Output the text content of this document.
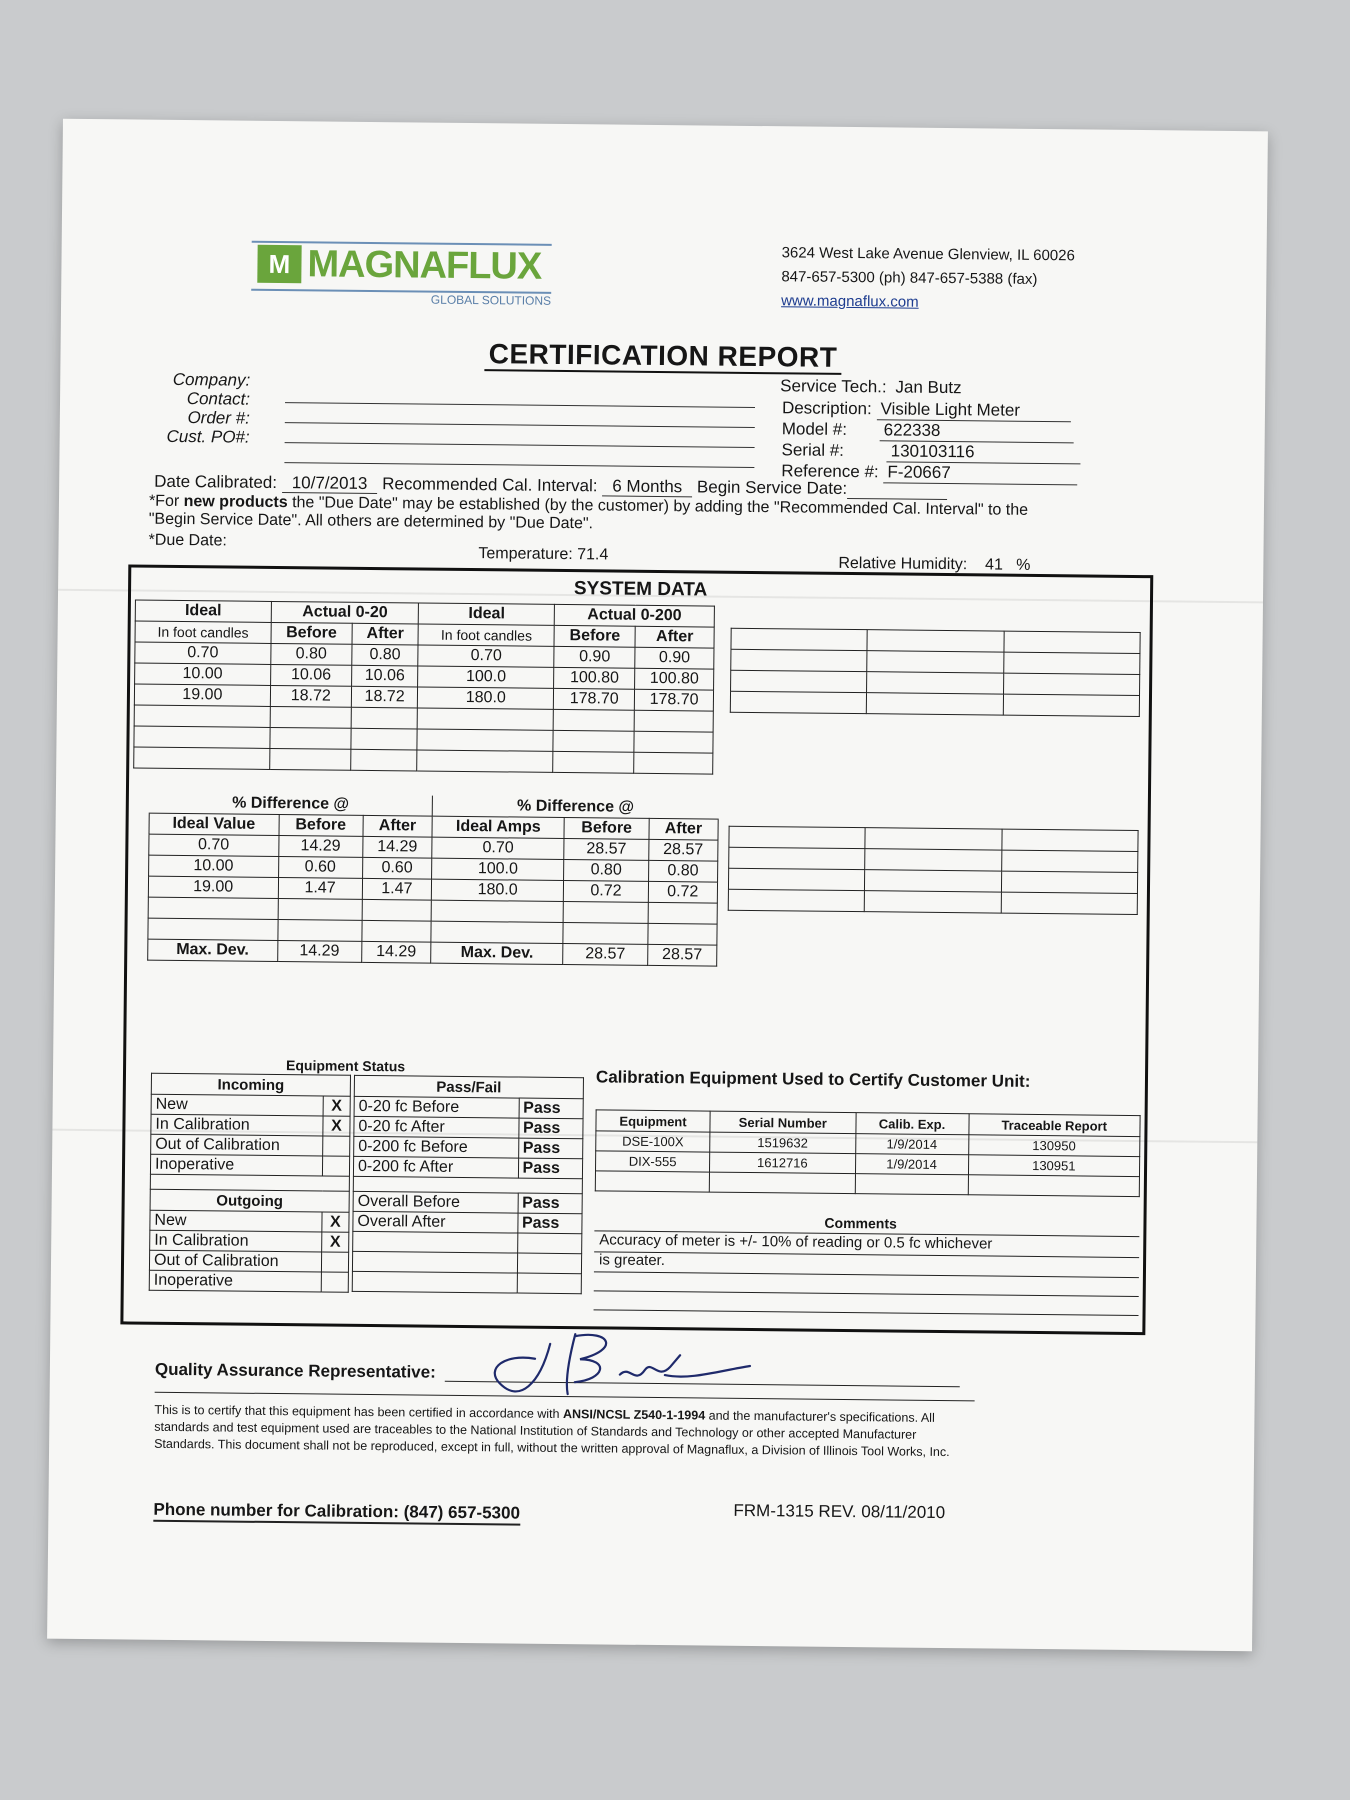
M MAGNAFLUX
GLOBAL SOLUTIONS
3624 West Lake Avenue Glenview, IL 60026
847-657-5300 (ph) 847-657-5388 (fax)
www.magnaflux.com
CERTIFICATION REPORT
Company:
Contact:
Order #:
Cust. PO#:
Service Tech.: Jan Butz
Description: Visible Light Meter
Model #: 622338
Serial #:	130103116
Reference #: F-20667
Date Calibrated: 10/7/2013 Recommended Cal. Interval: 6 Months Begin Service Date:
*For new products the "Due Date" may be established (by the customer) by adding the "Recommended Cal. Interval" to the "Begin Service Date". All others are determined by "Due Date".
*Due Date:
Temperature: 71.4
Relative Humidity: 41 %
SYSTEM DATA
Ideal	Actual 0-20		Ideal	Actual 0-200	
In foot candles	Before	After	In foot candles	Before	After
0.70	0.80	0.80	0.70	0.90	0.90
10.00	10.06	10.06	100.0	100.80	100.80
19.00	18.72	18.72	180.0	178.70	178.70

% Difference @			% Difference @		
Ideal Value	Before	After	Ideal Amps	Before	After
0.70	14.29	14.29	0.70	28.57	28.57
10.00	0.60	0.60	100.0	0.80	0.80
19.00	1.47	1.47	180.0	0.72	0.72

Max. Dev.	14.29	14.29	Max. Dev.	28.57	28.57

Equipment Status
Incoming	
New	X
In Calibration	X
Out of Calibration	
Inoperative	

Outgoing	
New	X
In Calibration	X
Out of Calibration	
Inoperative	
Pass/Fail	
0-20 fc Before	Pass
0-20 fc After	Pass
0-200 fc Before	Pass
0-200 fc After	Pass

Overall Before	Pass
Overall After	Pass

Calibration Equipment Used to Certify Customer Unit:
Equipment	Serial Number	Calib. Exp.	Traceable Report
DSE-100X	1519632	1/9/2014	130950
DIX-555	1612716	1/9/2014	130951

Comments
Accuracy of meter is +/- 10% of reading or 0.5 fc whichever
is greater.
Quality Assurance Representative:
This is to certify that this equipment has been certified in accordance with ANSI/NCSL Z540-1-1994 and the manufacturer's specifications. All standards and test equipment used are traceables to the National Institution of Standards and Technology or other accepted Manufacturer Standards. This document shall not be reproduced, except in full, without the written approval of Magnaflux, a Division of Illinois Tool Works, Inc.
Phone number for Calibration: (847) 657-5300	FRM-1315 REV. 08/11/2010
